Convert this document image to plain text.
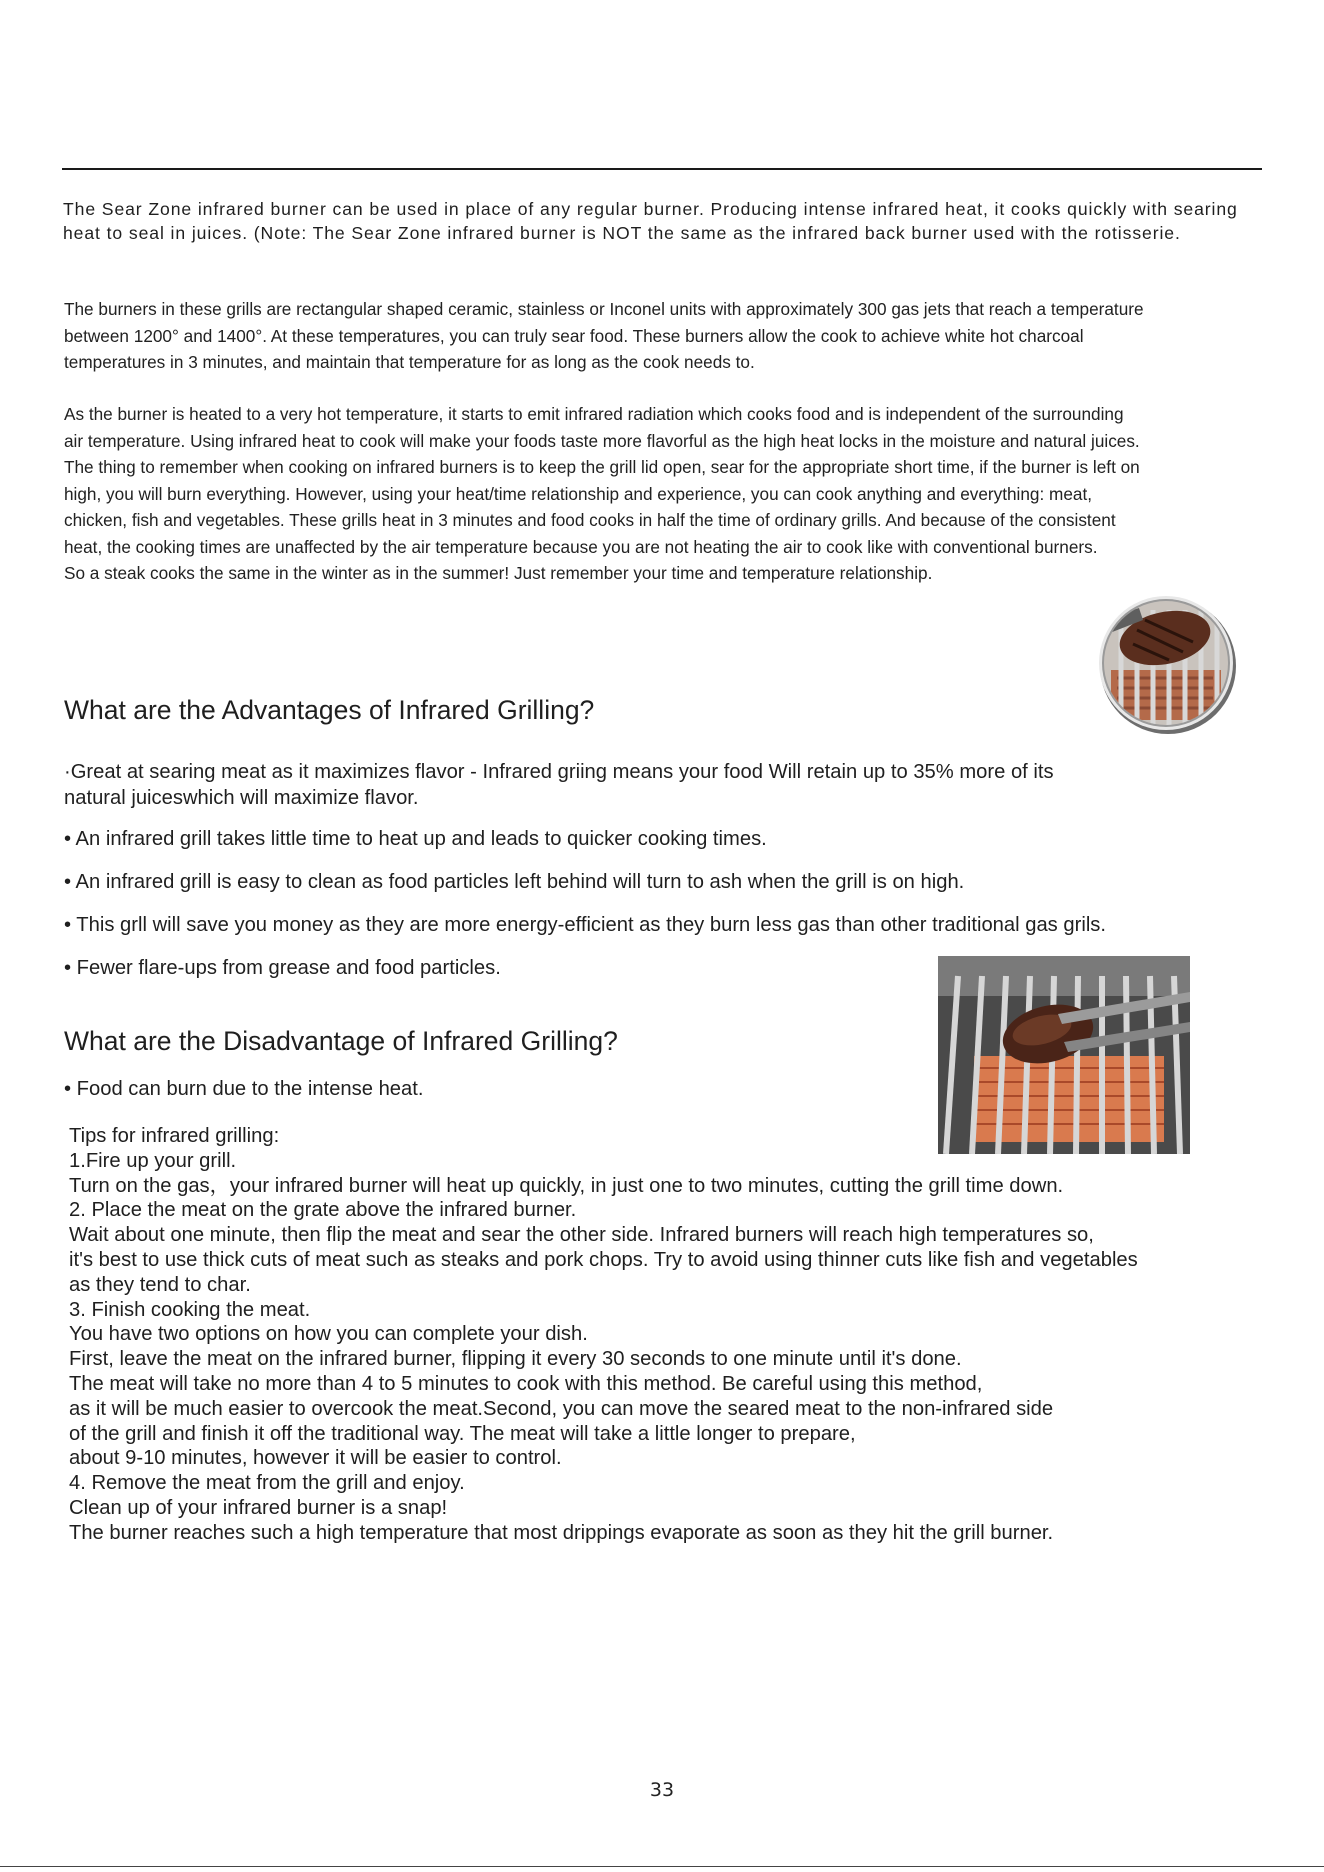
The Sear Zone infrared burner can be used in place of any regular burner. Producing intense infrared heat, it cooks quickly with searing heat to seal in juices. (Note: The Sear Zone infrared burner is NOT the same as the infrared back burner used with the rotisserie.
The burners in these grills are rectangular shaped ceramic, stainless or Inconel units with approximately 300 gas jets that reach a temperature
between 1200° and 1400°. At these temperatures, you can truly sear food. These burners allow the cook to achieve white hot charcoal
temperatures in 3 minutes, and maintain that temperature for as long as the cook needs to.
As the burner is heated to a very hot temperature, it starts to emit infrared radiation which cooks food and is independent of the surrounding
air temperature. Using infrared heat to cook will make your foods taste more flavorful as the high heat locks in the moisture and natural juices.
The thing to remember when cooking on infrared burners is to keep the grill lid open, sear for the appropriate short time, if the burner is left on
high, you will burn everything. However, using your heat/time relationship and experience, you can cook anything and everything: meat,
chicken, fish and vegetables. These grills heat in 3 minutes and food cooks in half the time of ordinary grills. And because of the consistent
heat, the cooking times are unaffected by the air temperature because you are not heating the air to cook like with conventional burners.
So a steak cooks the same in the winter as in the summer! Just remember your time and temperature relationship.
What are the Advantages of Infrared Grilling?
·Great at searing meat as it maximizes flavor - Infrared griing means your food Will retain up to 35% more of its
natural juiceswhich will maximize flavor.
• An infrared grill takes little time to heat up and leads to quicker cooking times.
• An infrared grill is easy to clean as food particles left behind will turn to ash when the grill is on high.
• This grll will save you money as they are more energy-efficient as they burn less gas than other traditional gas grils.
• Fewer flare-ups from grease and food particles.
What are the Disadvantage of Infrared Grilling?
• Food can burn due to the intense heat.
Tips for infrared grilling:
1.Fire up your grill.
Turn on the gas，your infrared burner will heat up quickly, in just one to two minutes, cutting the grill time down.
2. Place the meat on the grate above the infrared burner.
Wait about one minute, then flip the meat and sear the other side. Infrared burners will reach high temperatures so,
it's best to use thick cuts of meat such as steaks and pork chops. Try to avoid using thinner cuts like fish and vegetables
as they tend to char.
3. Finish cooking the meat.
You have two options on how you can complete your dish.
First, leave the meat on the infrared burner, flipping it every 30 seconds to one minute until it's done.
The meat will take no more than 4 to 5 minutes to cook with this method. Be careful using this method,
as it will be much easier to overcook the meat.Second, you can move the seared meat to the non-infrared side
of the grill and finish it off the traditional way. The meat will take a little longer to prepare,
about 9-10 minutes, however it will be easier to control.
4. Remove the meat from the grill and enjoy.
Clean up of your infrared burner is a snap!
The burner reaches such a high temperature that most drippings evaporate as soon as they hit the grill burner.
33
